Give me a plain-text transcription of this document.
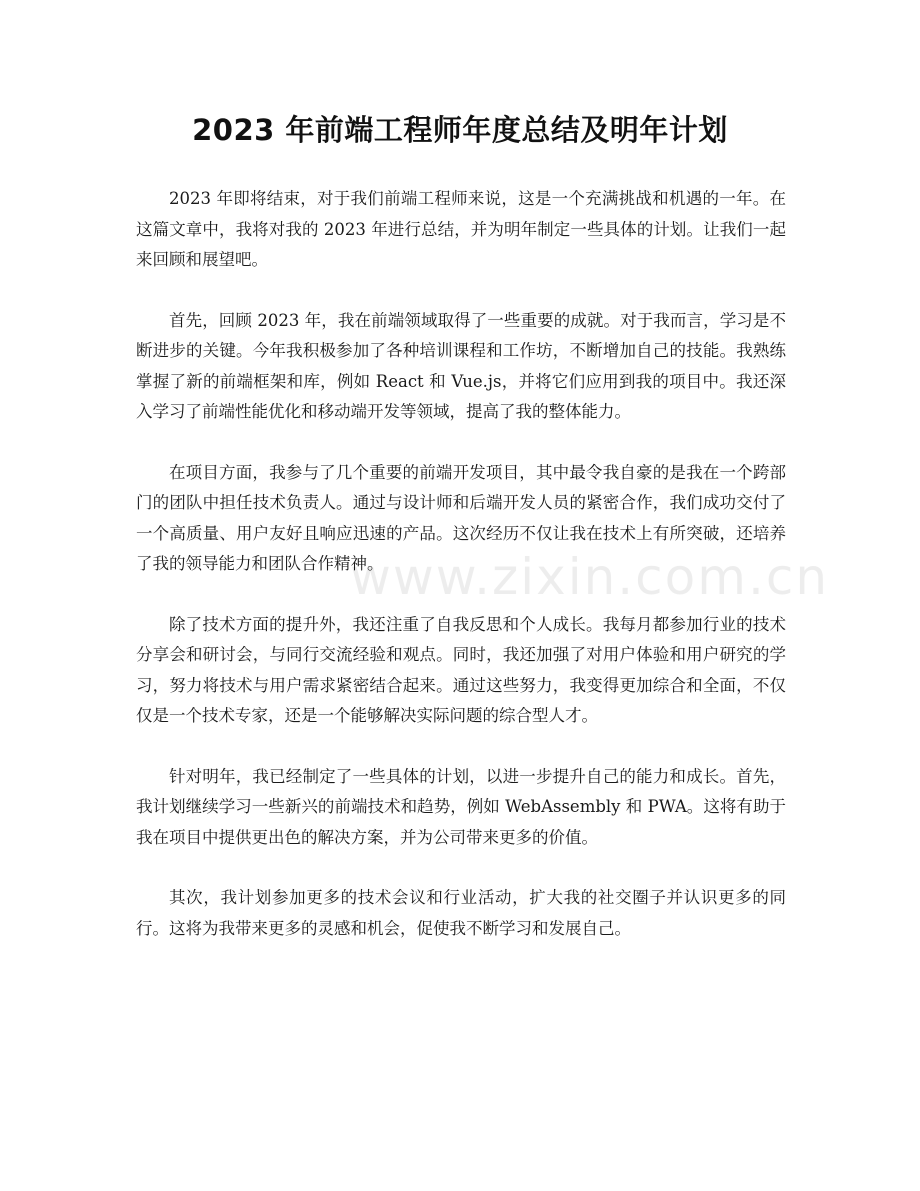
2023 年前端工程师年度总结及明年计划

2023 年即将结束，对于我们前端工程师来说，这是一个充满挑战和机遇的一年。在这篇文章中，我将对我的 2023 年进行总结，并为明年制定一些具体的计划。让我们一起来回顾和展望吧。

首先，回顾 2023 年，我在前端领域取得了一些重要的成就。对于我而言，学习是不断进步的关键。今年我积极参加了各种培训课程和工作坊，不断增加自己的技能。我熟练掌握了新的前端框架和库，例如 React 和 Vue.js，并将它们应用到我的项目中。我还深入学习了前端性能优化和移动端开发等领域，提高了我的整体能力。

在项目方面，我参与了几个重要的前端开发项目，其中最令我自豪的是我在一个跨部门的团队中担任技术负责人。通过与设计师和后端开发人员的紧密合作，我们成功交付了一个高质量、用户友好且响应迅速的产品。这次经历不仅让我在技术上有所突破，还培养了我的领导能力和团队合作精神。

除了技术方面的提升外，我还注重了自我反思和个人成长。我每月都参加行业的技术分享会和研讨会，与同行交流经验和观点。同时，我还加强了对用户体验和用户研究的学习，努力将技术与用户需求紧密结合起来。通过这些努力，我变得更加综合和全面，不仅仅是一个技术专家，还是一个能够解决实际问题的综合型人才。

针对明年，我已经制定了一些具体的计划，以进一步提升自己的能力和成长。首先，我计划继续学习一些新兴的前端技术和趋势，例如 WebAssembly 和 PWA。这将有助于我在项目中提供更出色的解决方案，并为公司带来更多的价值。

其次，我计划参加更多的技术会议和行业活动，扩大我的社交圈子并认识更多的同行。这将为我带来更多的灵感和机会，促使我不断学习和发展自己。

www.zixin.com.cn
